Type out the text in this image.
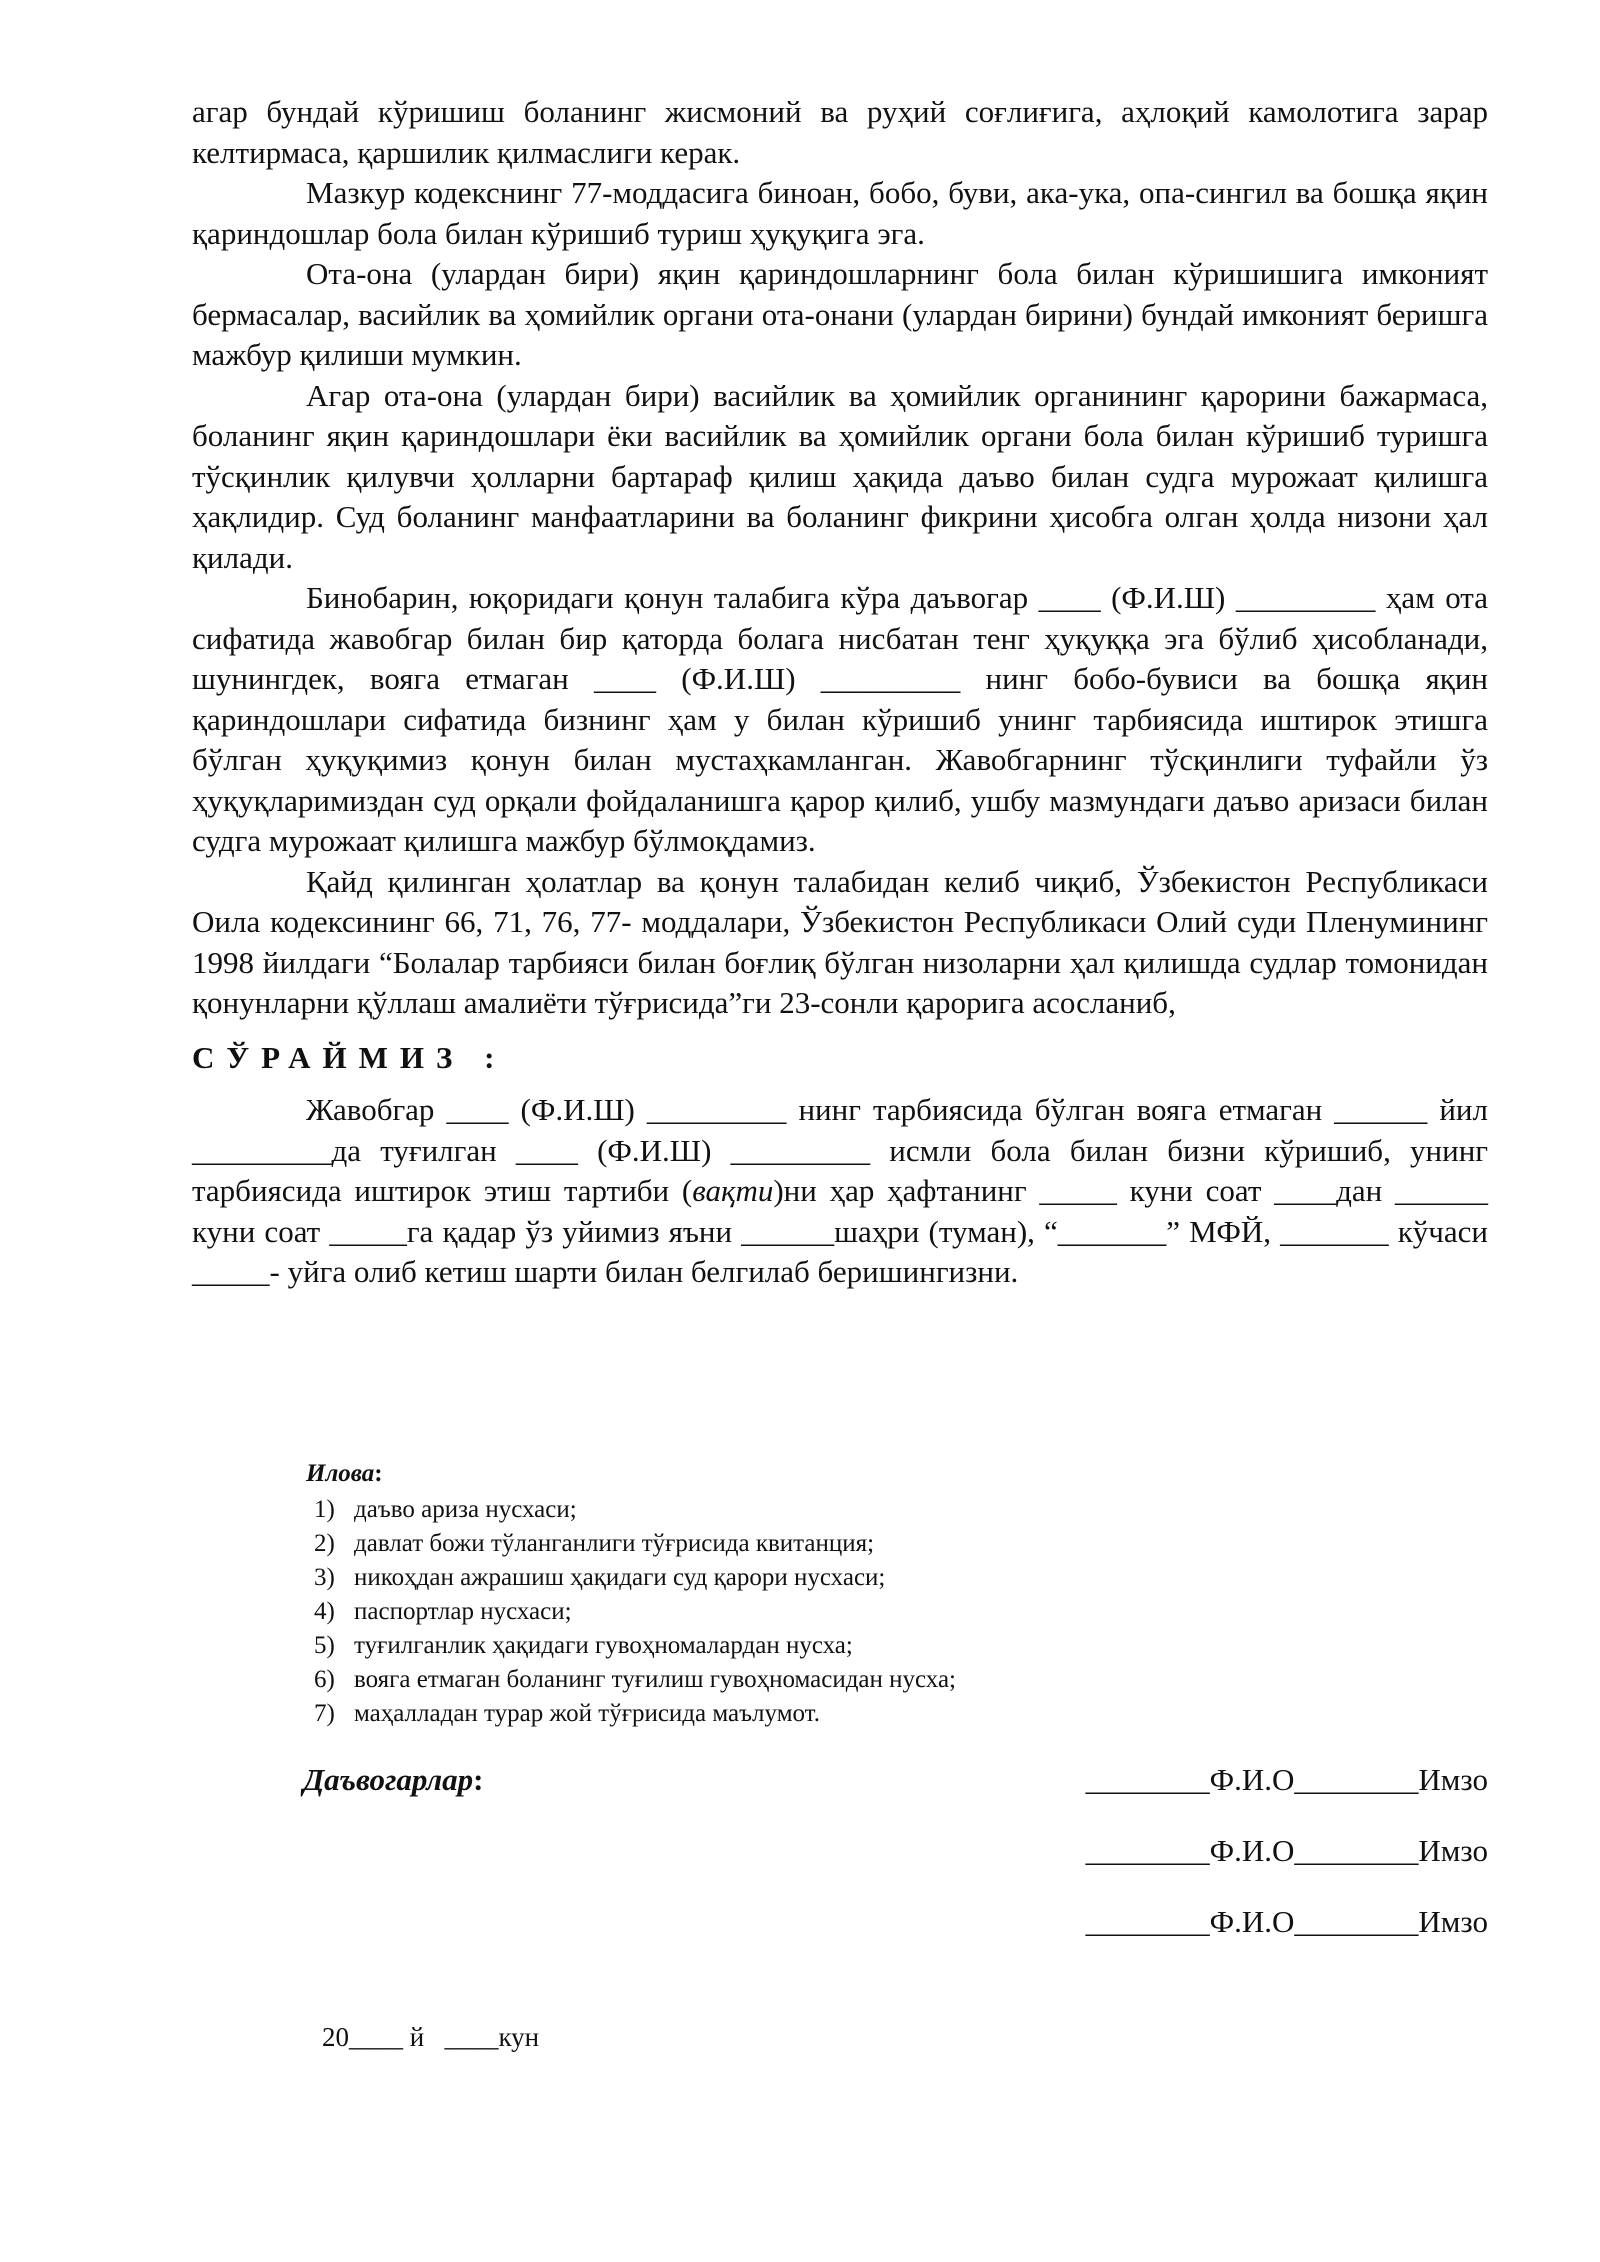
агар бундай кўришиш боланинг жисмоний ва руҳий соғлиғига, аҳлоқий камолотига зарар келтирмаса, қаршилик қилмаслиги керак.

Мазкур кодекснинг 77-моддасига биноан, бобо, буви, ака-ука, опа-сингил ва бошқа яқин қариндошлар бола билан кўришиб туриш ҳуқуқига эга.

Ота-она (улардан бири) яқин қариндошларнинг бола билан кўришишига имконият бермасалар, васийлик ва ҳомийлик органи ота-онани (улардан бирини) бундай имконият беришга мажбур қилиши мумкин.

Агар ота-она (улардан бири) васийлик ва ҳомийлик органининг қарорини бажармаса, боланинг яқин қариндошлари ёки васийлик ва ҳомийлик органи бола билан кўришиб туришга тўсқинлик қилувчи ҳолларни бартараф қилиш ҳақида даъво билан судга мурожаат қилишга ҳақлидир. Суд боланинг манфаатларини ва боланинг фикрини ҳисобга олган ҳолда низони ҳал қилади.

Бинобарин, юқоридаги қонун талабига кўра даъвогар ____ (Ф.И.Ш) _________ ҳам ота сифатида жавобгар билан бир қаторда болага нисбатан тенг ҳуқуққа эга бўлиб ҳисобланади, шунингдек, вояга етмаган ____ (Ф.И.Ш) _________ нинг бобо-бувиси ва бошқа яқин қариндошлари сифатида бизнинг ҳам у билан кўришиб унинг тарбиясида иштирок этишга бўлган ҳуқуқимиз қонун билан мустаҳкамланган. Жавобгарнинг тўсқинлиги туфайли ўз ҳуқуқларимиздан суд орқали фойдаланишга қарор қилиб, ушбу мазмундаги даъво аризаси билан судга мурожаат қилишга мажбур бўлмоқдамиз.

Қайд қилинган ҳолатлар ва қонун талабидан келиб чиқиб, Ўзбекистон Республикаси Оила кодексининг 66, 71, 76, 77- моддалари, Ўзбекистон Республикаси Олий суди Пленумининг 1998 йилдаги “Болалар тарбияси билан боғлиқ бўлган низоларни ҳал қилишда судлар томонидан қонунларни қўллаш амалиёти тўғрисида”ги 23-сонли қарорига асосланиб,

СЎРАЙМИЗ :

Жавобгар ____ (Ф.И.Ш) _________ нинг тарбиясида бўлган вояга етмаган ______ йил _________да туғилган ____ (Ф.И.Ш) _________ исмли бола билан бизни кўришиб, унинг тарбиясида иштирок этиш тартиби (вақти)ни ҳар ҳафтанинг _____ куни соат ____дан ______ куни соат _____га қадар ўз уйимиз яъни ______шаҳри (туман), “_______” МФЙ, _______ кўчаси _____- уйга олиб кетиш шарти билан белгилаб беришингизни.

Илова:
1) даъво ариза нусхаси;
2) давлат божи тўланганлиги тўғрисида квитанция;
3) никоҳдан ажрашиш ҳақидаги суд қарори нусхаси;
4) паспортлар нусхаси;
5) туғилганлик ҳақидаги гувоҳномалардан нусха;
6) вояга етмаган боланинг туғилиш гувоҳномасидан нусха;
7) маҳалладан турар жой тўғрисида маълумот.
Даъвогарлар:	________Ф.И.О________Имзо
________Ф.И.О________Имзо
________Ф.И.О________Имзо
20____ й   ____кун
